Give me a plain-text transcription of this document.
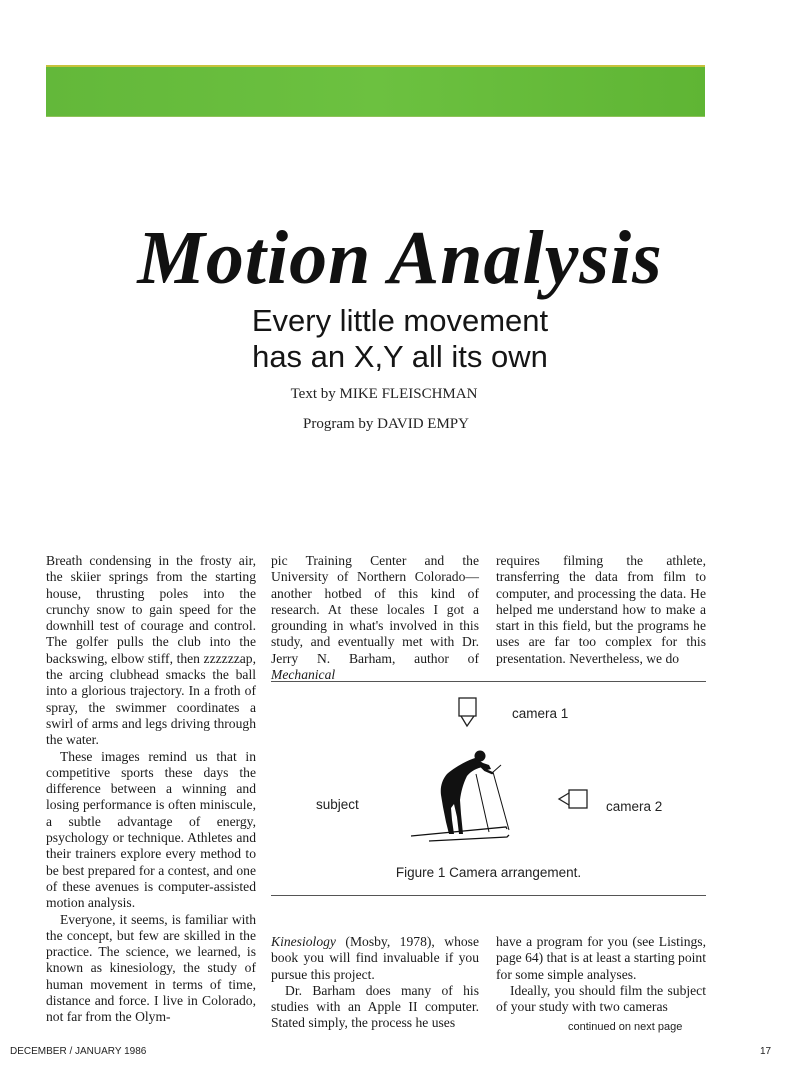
Motion Analysis
Every little movement
has an X,Y all its own
Text by MIKE FLEISCHMAN
Program by DAVID EMPY

Breath condensing in the frosty air, the skiier springs from the starting house, thrusting poles into the crunchy snow to gain speed for the downhill test of courage and control. The golfer pulls the club into the backswing, elbow stiff, then zzzzzzap, the arcing clubhead smacks the ball into a glorious trajectory. In a froth of spray, the swimmer coordinates a swirl of arms and legs driving through the water.

These images remind us that in competitive sports these days the difference between a winning and losing performance is often miniscule, a subtle advantage of energy, psychology or technique. Athletes and their trainers explore every method to be best prepared for a contest, and one of these avenues is computer-assisted motion analysis.

Everyone, it seems, is familiar with the concept, but few are skilled in the practice. The science, we learned, is known as kinesiology, the study of human movement in terms of time, distance and force. I live in Colorado, not far from the Olym-

pic Training Center and the University of Northern Colorado—another hotbed of this kind of research. At these locales I got a grounding in what's involved in this study, and eventually met with Dr. Jerry N. Barham, author of Mechanical

requires filming the athlete, transferring the data from film to computer, and processing the data. He helped me understand how to make a start in this field, but the programs he uses are far too complex for this presentation. Nevertheless, we do

camera 1
camera 2
subject
Figure 1 Camera arrangement.

Kinesiology (Mosby, 1978), whose book you will find invaluable if you pursue this project.

Dr. Barham does many of his studies with an Apple II computer. Stated simply, the process he uses

have a program for you (see Listings, page 64) that is at least a starting point for some simple analyses.

Ideally, you should film the subject of your study with two cameras

continued on next page
DECEMBER / JANUARY 1986	17
